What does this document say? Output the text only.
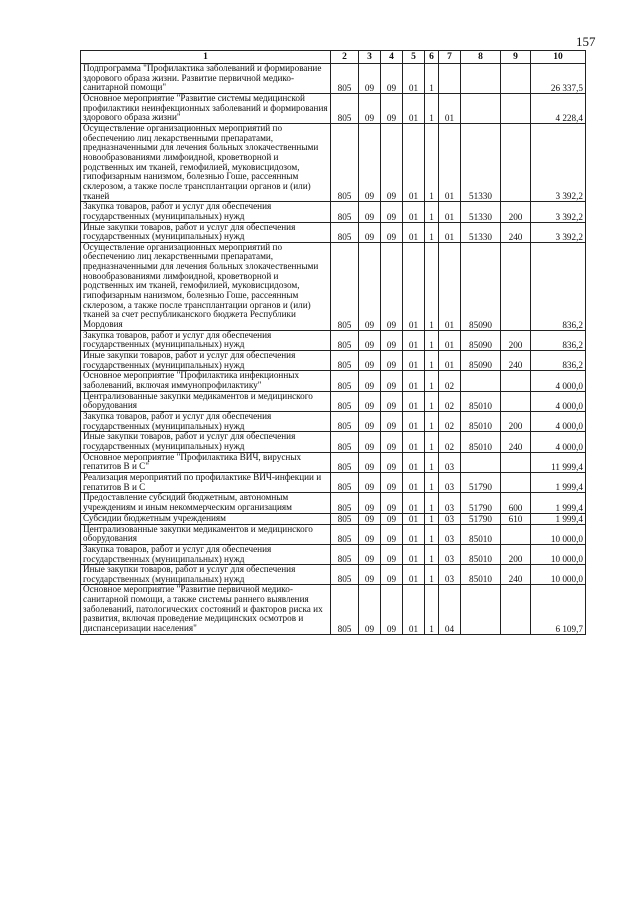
157
1	2	3	4	5	6	7	8	9	10
Подпрограмма "Профилактика заболеваний и формирование здорового образа жизни. Развитие первичной медико-санитарной помощи"	805	09	09	01	1				26 337,5
Основное мероприятие "Развитие системы медицинской профилактики неинфекционных заболеваний и формирования здорового образа жизни"	805	09	09	01	1	01			4 228,4
Осуществление организационных мероприятий по обеспечению лиц лекарственными препаратами, предназначенными для лечения больных злокачественными новообразованиями лимфоидной, кроветворной и родственных им тканей, гемофилией, муковисцидозом, гипофизарным нанизмом, болезнью Гоше, рассеянным склерозом, а также после трансплантации органов и (или) тканей	805	09	09	01	1	01	51330		3 392,2
Закупка товаров, работ и услуг для обеспечения государственных (муниципальных) нужд	805	09	09	01	1	01	51330	200	3 392,2
Иные закупки товаров, работ и услуг для обеспечения государственных (муниципальных) нужд	805	09	09	01	1	01	51330	240	3 392,2
Осуществление организационных мероприятий по обеспечению лиц лекарственными препаратами, предназначенными для лечения больных злокачественными новообразованиями лимфоидной, кроветворной и родственных им тканей, гемофилией, муковисцидозом, гипофизарным нанизмом, болезнью Гоше, рассеянным склерозом, а также после трансплантации органов и (или) тканей за счет республиканского бюджета Республики Мордовия	805	09	09	01	1	01	85090		836,2
Закупка товаров, работ и услуг для обеспечения государственных (муниципальных) нужд	805	09	09	01	1	01	85090	200	836,2
Иные закупки товаров, работ и услуг для обеспечения государственных (муниципальных) нужд	805	09	09	01	1	01	85090	240	836,2
Основное мероприятие "Профилактика инфекционных заболеваний, включая иммунопрофилактику"	805	09	09	01	1	02			4 000,0
Централизованные закупки медикаментов и медицинского оборудования	805	09	09	01	1	02	85010		4 000,0
Закупка товаров, работ и услуг для обеспечения государственных (муниципальных) нужд	805	09	09	01	1	02	85010	200	4 000,0
Иные закупки товаров, работ и услуг для обеспечения государственных (муниципальных) нужд	805	09	09	01	1	02	85010	240	4 000,0
Основное мероприятие "Профилактика ВИЧ, вирусных гепатитов В и С"	805	09	09	01	1	03			11 999,4
Реализация мероприятий по профилактике ВИЧ-инфекции и гепатитов В и С	805	09	09	01	1	03	51790		1 999,4
Предоставление субсидий бюджетным, автономным учреждениям и иным некоммерческим организациям	805	09	09	01	1	03	51790	600	1 999,4
Субсидии бюджетным учреждениям	805	09	09	01	1	03	51790	610	1 999,4
Централизованные закупки медикаментов и медицинского оборудования	805	09	09	01	1	03	85010		10 000,0
Закупка товаров, работ и услуг для обеспечения государственных (муниципальных) нужд	805	09	09	01	1	03	85010	200	10 000,0
Иные закупки товаров, работ и услуг для обеспечения государственных (муниципальных) нужд	805	09	09	01	1	03	85010	240	10 000,0
Основное мероприятие "Развитие первичной медико-санитарной помощи, а также системы раннего выявления заболеваний, патологических состояний и факторов риска их развития, включая проведение медицинских осмотров и диспансеризации населения"	805	09	09	01	1	04			6 109,7
